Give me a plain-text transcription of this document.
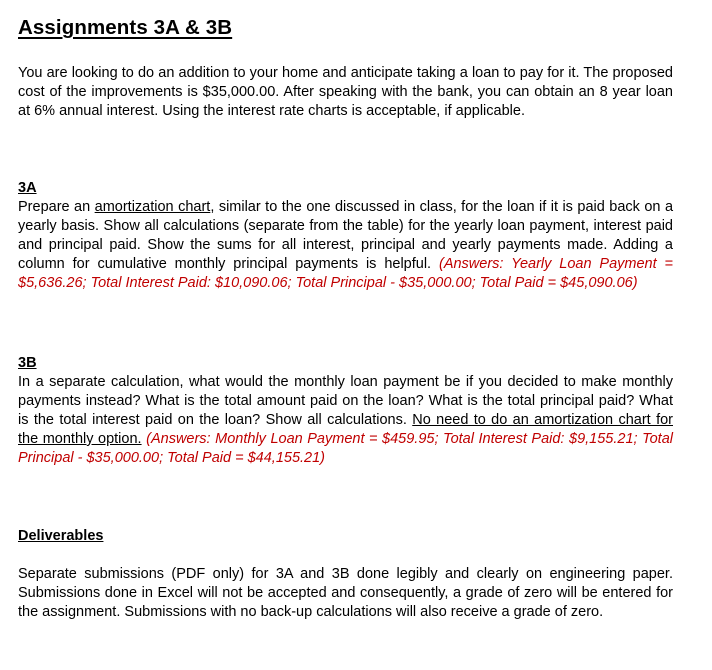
Assignments 3A & 3B
You are looking to do an addition to your home and anticipate taking a loan to pay for it. The proposed cost of the improvements is $35,000.00. After speaking with the bank, you can obtain an 8 year loan at 6% annual interest. Using the interest rate charts is acceptable, if applicable.
3A
Prepare an amortization chart, similar to the one discussed in class, for the loan if it is paid back on a yearly basis. Show all calculations (separate from the table) for the yearly loan payment, interest paid and principal paid. Show the sums for all interest, principal and yearly payments made. Adding a column for cumulative monthly principal payments is helpful. (Answers: Yearly Loan Payment = $5,636.26; Total Interest Paid: $10,090.06; Total Principal - $35,000.00; Total Paid = $45,090.06)
3B
In a separate calculation, what would the monthly loan payment be if you decided to make monthly payments instead? What is the total amount paid on the loan? What is the total principal paid? What is the total interest paid on the loan? Show all calculations. No need to do an amortization chart for the monthly option. (Answers: Monthly Loan Payment = $459.95; Total Interest Paid: $9,155.21; Total Principal - $35,000.00; Total Paid = $44,155.21)
Deliverables
Separate submissions (PDF only) for 3A and 3B done legibly and clearly on engineering paper. Submissions done in Excel will not be accepted and consequently, a grade of zero will be entered for the assignment. Submissions with no back-up calculations will also receive a grade of zero.
